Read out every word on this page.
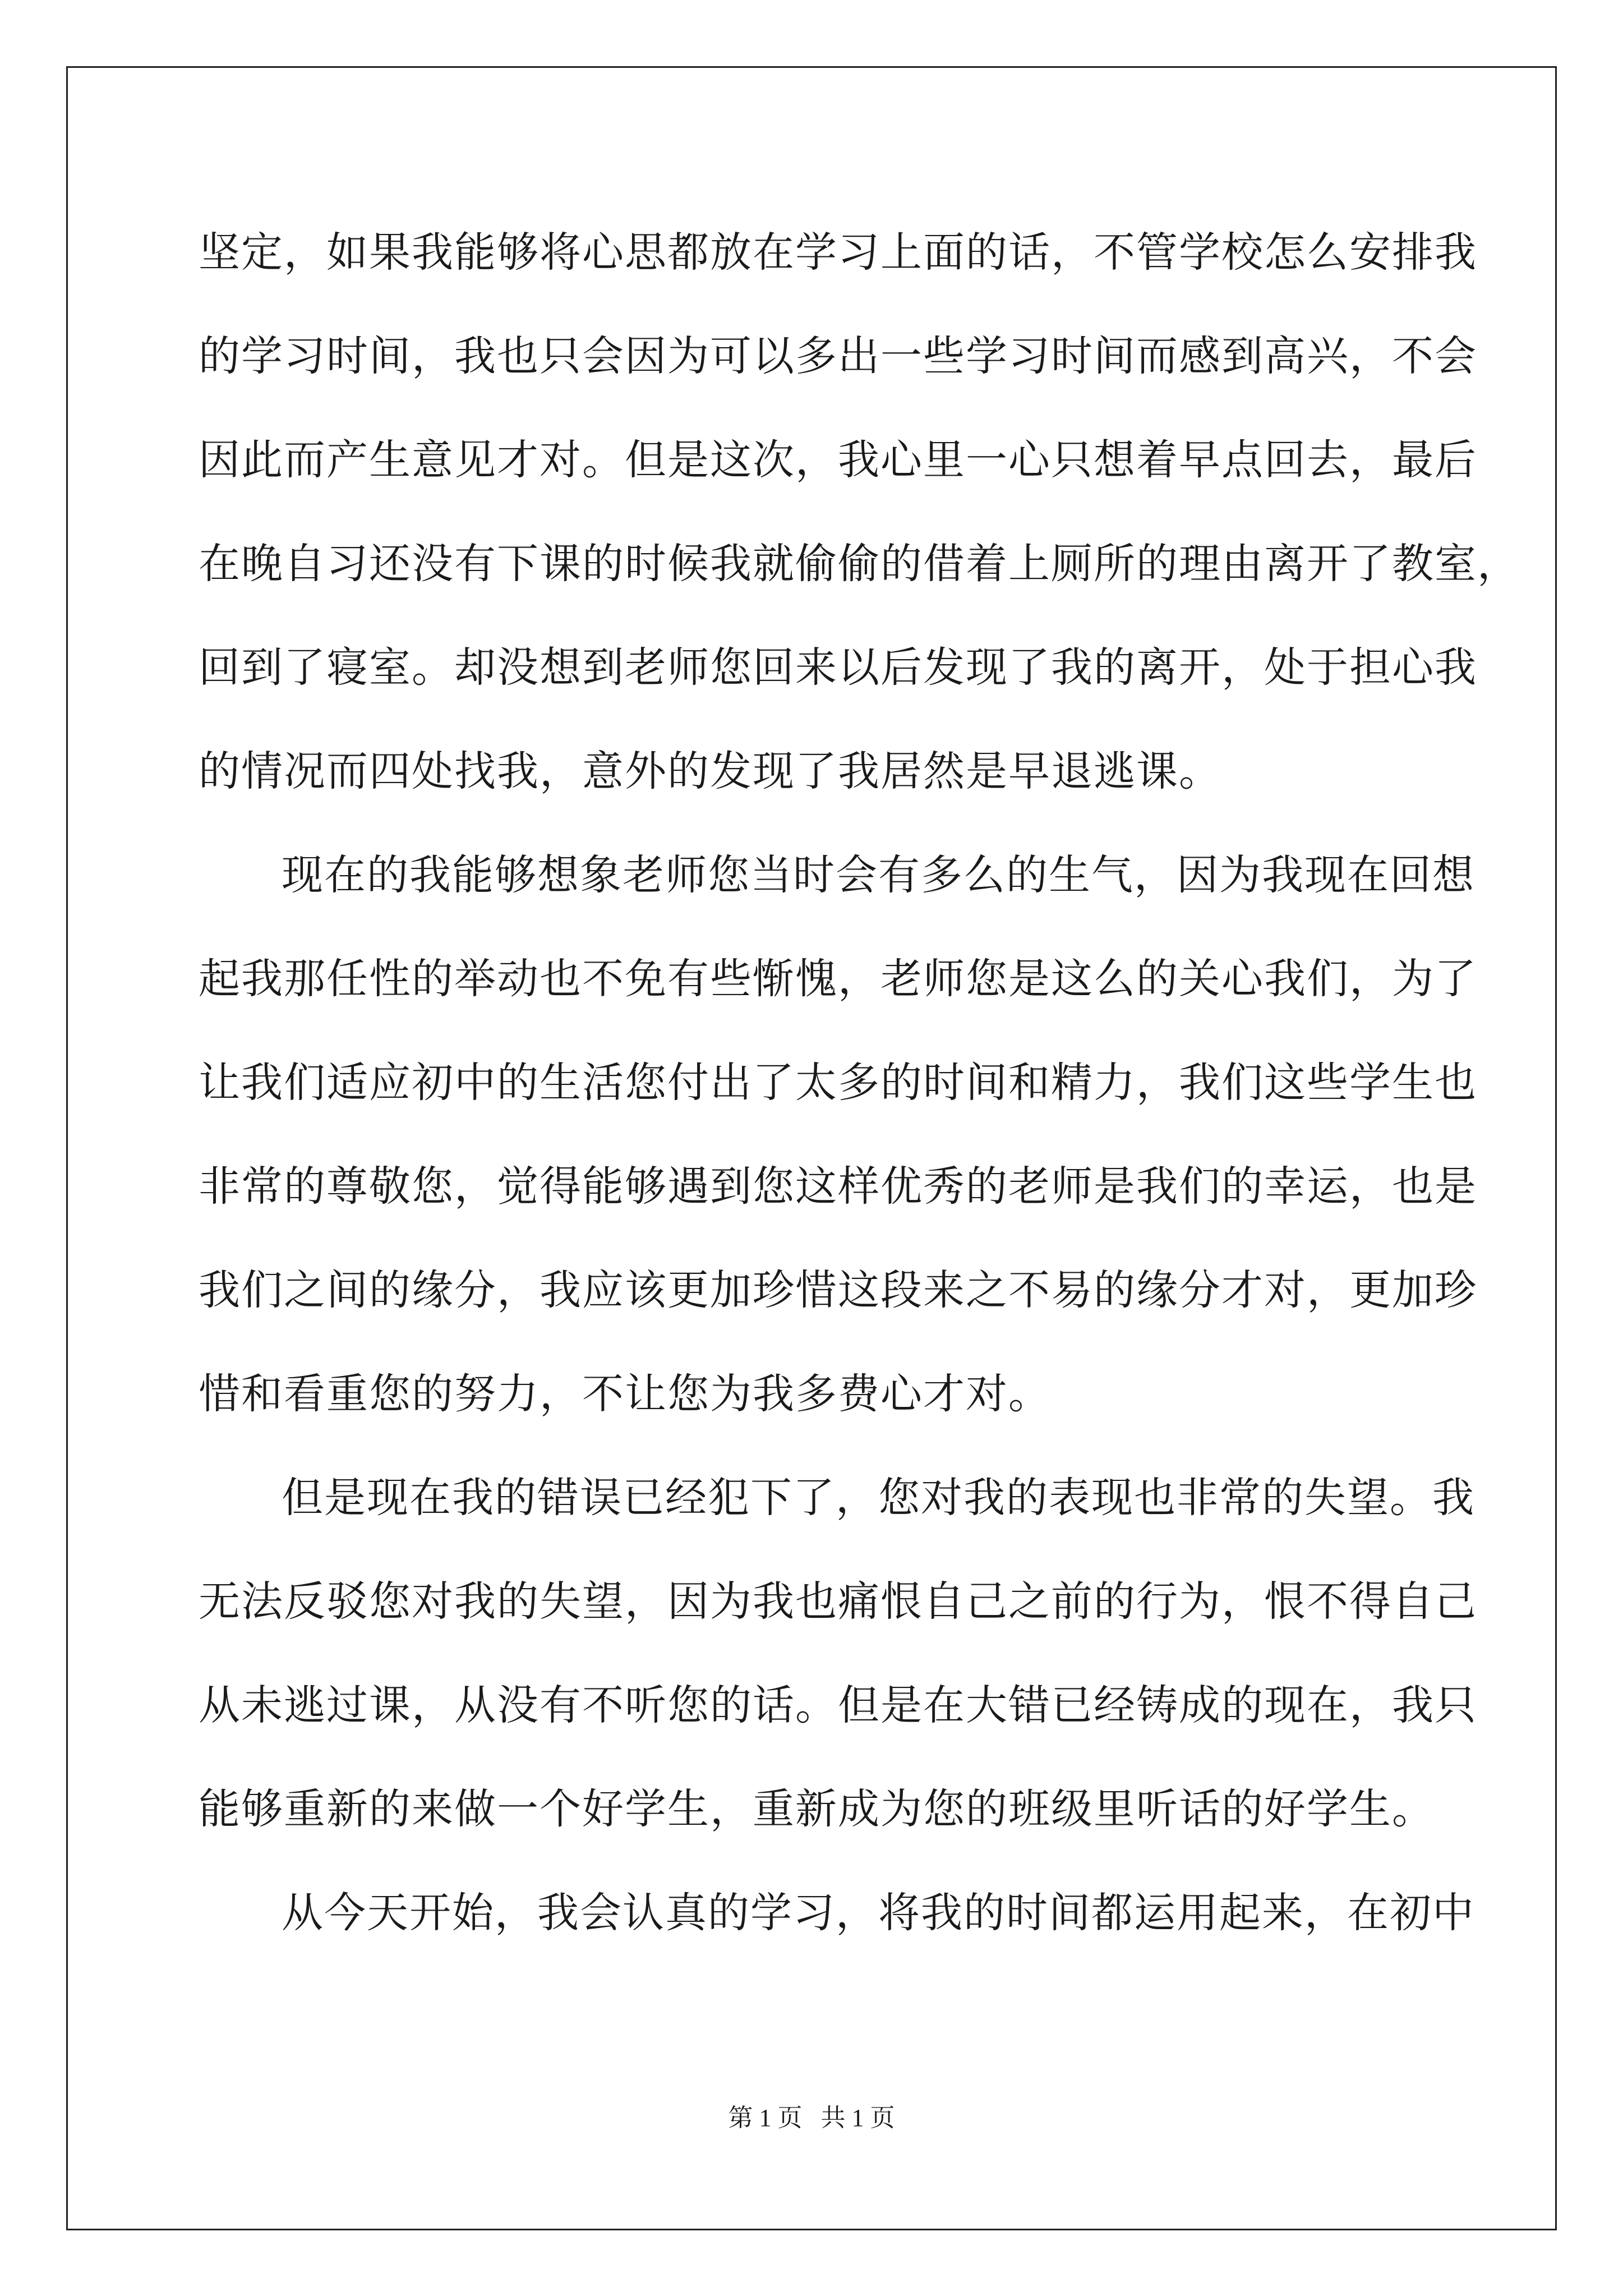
坚定，如果我能够将心思都放在学习上面的话，不管学校怎么安排我
的学习时间，我也只会因为可以多出一些学习时间而感到高兴，不会
因此而产生意见才对。但是这次，我心里一心只想着早点回去，最后
在晚自习还没有下课的时候我就偷偷的借着上厕所的理由离开了教室，
回到了寝室。却没想到老师您回来以后发现了我的离开，处于担心我
的情况而四处找我，意外的发现了我居然是早退逃课。
现在的我能够想象老师您当时会有多么的生气，因为我现在回想
起我那任性的举动也不免有些惭愧，老师您是这么的关心我们，为了
让我们适应初中的生活您付出了太多的时间和精力，我们这些学生也
非常的尊敬您，觉得能够遇到您这样优秀的老师是我们的幸运，也是
我们之间的缘分，我应该更加珍惜这段来之不易的缘分才对，更加珍
惜和看重您的努力，不让您为我多费心才对。
但是现在我的错误已经犯下了，您对我的表现也非常的失望。我
无法反驳您对我的失望，因为我也痛恨自己之前的行为，恨不得自己
从未逃过课，从没有不听您的话。但是在大错已经铸成的现在，我只
能够重新的来做一个好学生，重新成为您的班级里听话的好学生。
从今天开始，我会认真的学习，将我的时间都运用起来，在初中
第 1 页 共 1 页
